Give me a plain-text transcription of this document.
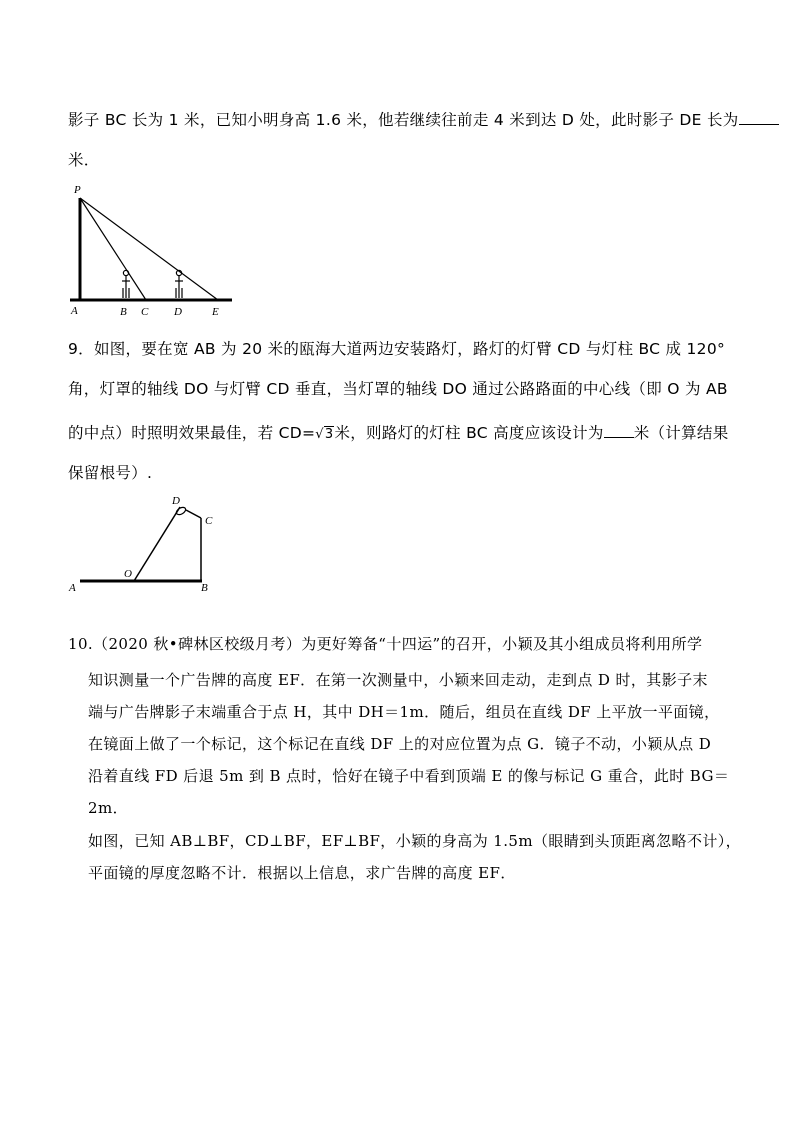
影子 BC 长为 1 米，已知小明身高 1.6 米，他若继续往前走 4 米到达 D 处，此时影子 DE 长为
米．
P
A	B C D	E
9．如图，要在宽 AB 为 20 米的瓯海大道两边安装路灯，路灯的灯臂 CD 与灯柱 BC 成 120°
角，灯罩的轴线 DO 与灯臂 CD 垂直，当灯罩的轴线 DO 通过公路路面的中心线（即 O 为 AB
的中点）时照明效果最佳，若 CD=√3米，则路灯的灯柱 BC 高度应该设计为 米（计算结果
保留根号）.
D
C
O
A	B
10.（2020 秋•碑林区校级月考）为更好筹备“十四运”的召开，小颖及其小组成员将利用所学
知识测量一个广告牌的高度 EF．在第一次测量中，小颖来回走动，走到点 D 时，其影子末
端与广告牌影子末端重合于点 H，其中 DH＝1m．随后，组员在直线 DF 上平放一平面镜，
在镜面上做了一个标记，这个标记在直线 DF 上的对应位置为点 G．镜子不动，小颖从点 D
沿着直线 FD 后退 5m 到 B 点时，恰好在镜子中看到顶端 E 的像与标记 G 重合，此时 BG＝
2m．
如图，已知 AB⊥BF，CD⊥BF，EF⊥BF，小颖的身高为 1.5m（眼睛到头顶距离忽略不计），
平面镜的厚度忽略不计．根据以上信息，求广告牌的高度 EF．
